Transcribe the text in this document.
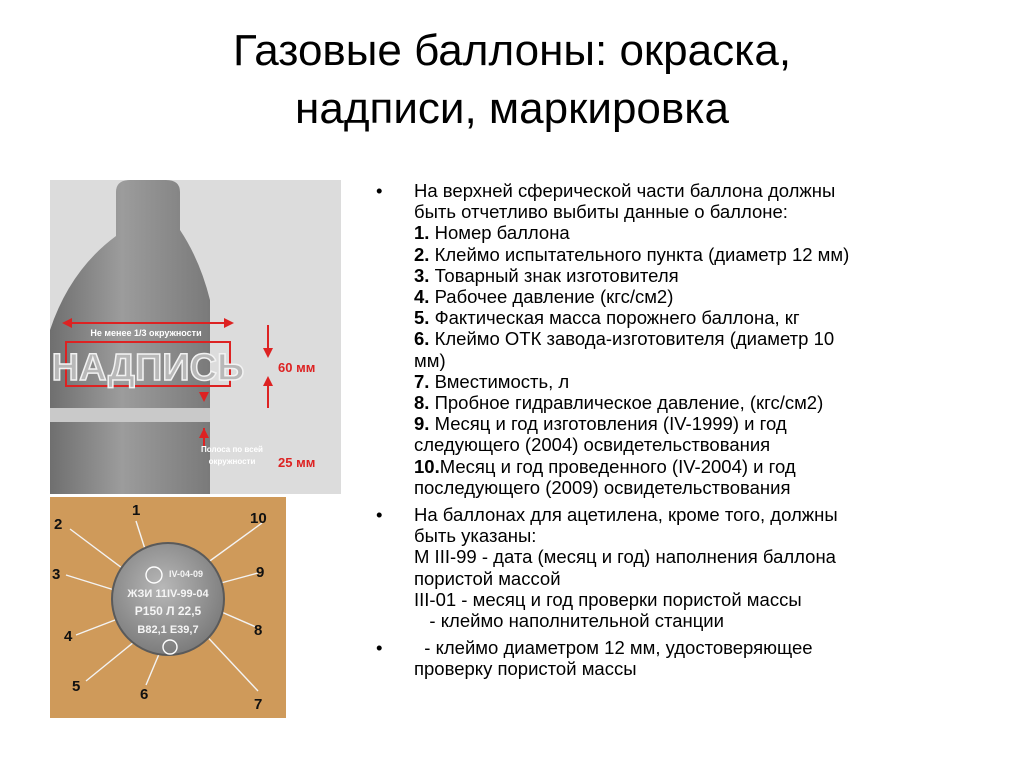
Газовые баллоны: окраска,
надписи, маркировка
Не менее 1/3 окружности
НАДПИСЬ	60 мм
Полоса по всей
окружности 25 мм
IV-04-09
ЖЗИ 11IV-99-04
Р150 Л 22,5
В82,1 Е39,7
1
2
3
4
5	6
7
8
9
10
• На верхней сферической части баллона должны
быть отчетливо выбиты данные о баллоне:
1. Номер баллона
2. Клеймо испытательного пункта (диаметр 12 мм)
3. Товарный знак изготовителя
4. Рабочее давление (кгс/см2)
5. Фактическая масса порожнего баллона, кг
6. Клеймо ОТК завода-изготовителя (диаметр 10
мм)
7. Вместимость, л
8. Пробное гидравлическое давление, (кгс/см2)
9. Месяц и год изготовления (IV-1999) и год
следующего (2004) освидетельствования
10.Месяц и год проведенного (IV-2004) и год
последующего (2009) освидетельствования
• На баллонах для ацетилена, кроме того, должны
быть указаны:
М III-99 - дата (месяц и год) наполнения баллона
пористой массой
III-01 - месяц и год проверки пористой массы
- клеймо наполнительной станции
• - клеймо диаметром 12 мм, удостоверяющее
проверку пористой массы
